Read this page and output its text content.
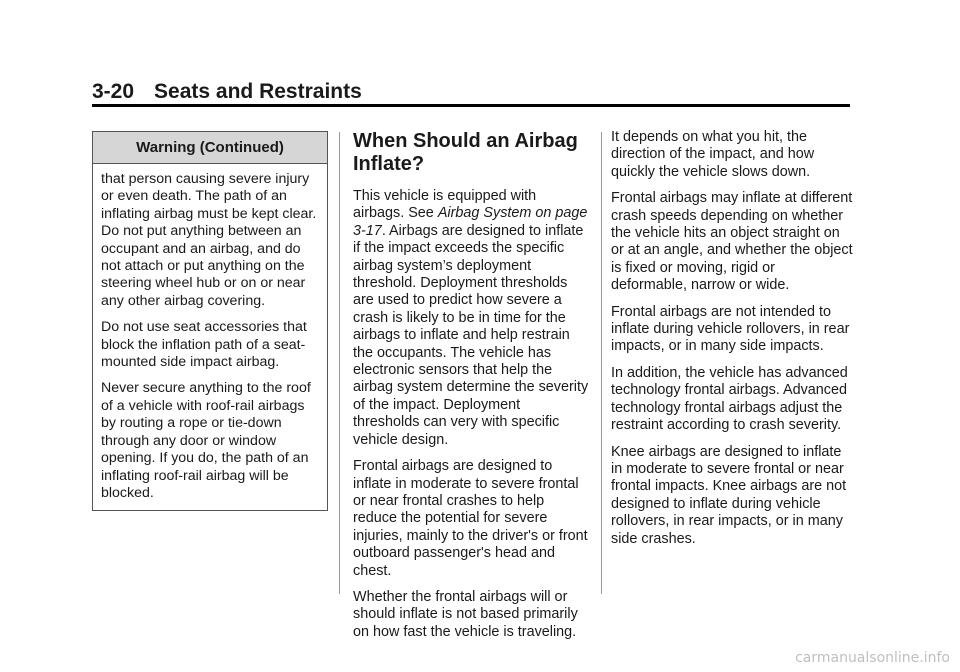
3-20 Seats and Restraints
Warning (Continued)

that person causing severe injury or even death. The path of an inflating airbag must be kept clear. Do not put anything between an occupant and an airbag, and do not attach or put anything on the steering wheel hub or on or near any other airbag covering.

Do not use seat accessories that block the inflation path of a seat-mounted side impact airbag.

Never secure anything to the roof of a vehicle with roof-rail airbags by routing a rope or tie-down through any door or window opening. If you do, the path of an inflating roof-rail airbag will be blocked.

When Should an Airbag Inflate?

This vehicle is equipped with airbags. See Airbag System on page 3-17. Airbags are designed to inflate if the impact exceeds the specific airbag system’s deployment threshold. Deployment thresholds are used to predict how severe a crash is likely to be in time for the airbags to inflate and help restrain the occupants. The vehicle has electronic sensors that help the airbag system determine the severity of the impact. Deployment thresholds can very with specific vehicle design.

Frontal airbags are designed to inflate in moderate to severe frontal or near frontal crashes to help reduce the potential for severe injuries, mainly to the driver's or front outboard passenger's head and chest.

Whether the frontal airbags will or should inflate is not based primarily on how fast the vehicle is traveling.

It depends on what you hit, the direction of the impact, and how quickly the vehicle slows down.

Frontal airbags may inflate at different crash speeds depending on whether the vehicle hits an object straight on or at an angle, and whether the object is fixed or moving, rigid or deformable, narrow or wide.

Frontal airbags are not intended to inflate during vehicle rollovers, in rear impacts, or in many side impacts.

In addition, the vehicle has advanced technology frontal airbags. Advanced technology frontal airbags adjust the restraint according to crash severity.

Knee airbags are designed to inflate in moderate to severe frontal or near frontal impacts. Knee airbags are not designed to inflate during vehicle rollovers, in rear impacts, or in many side crashes.

carmanualsonline.info
